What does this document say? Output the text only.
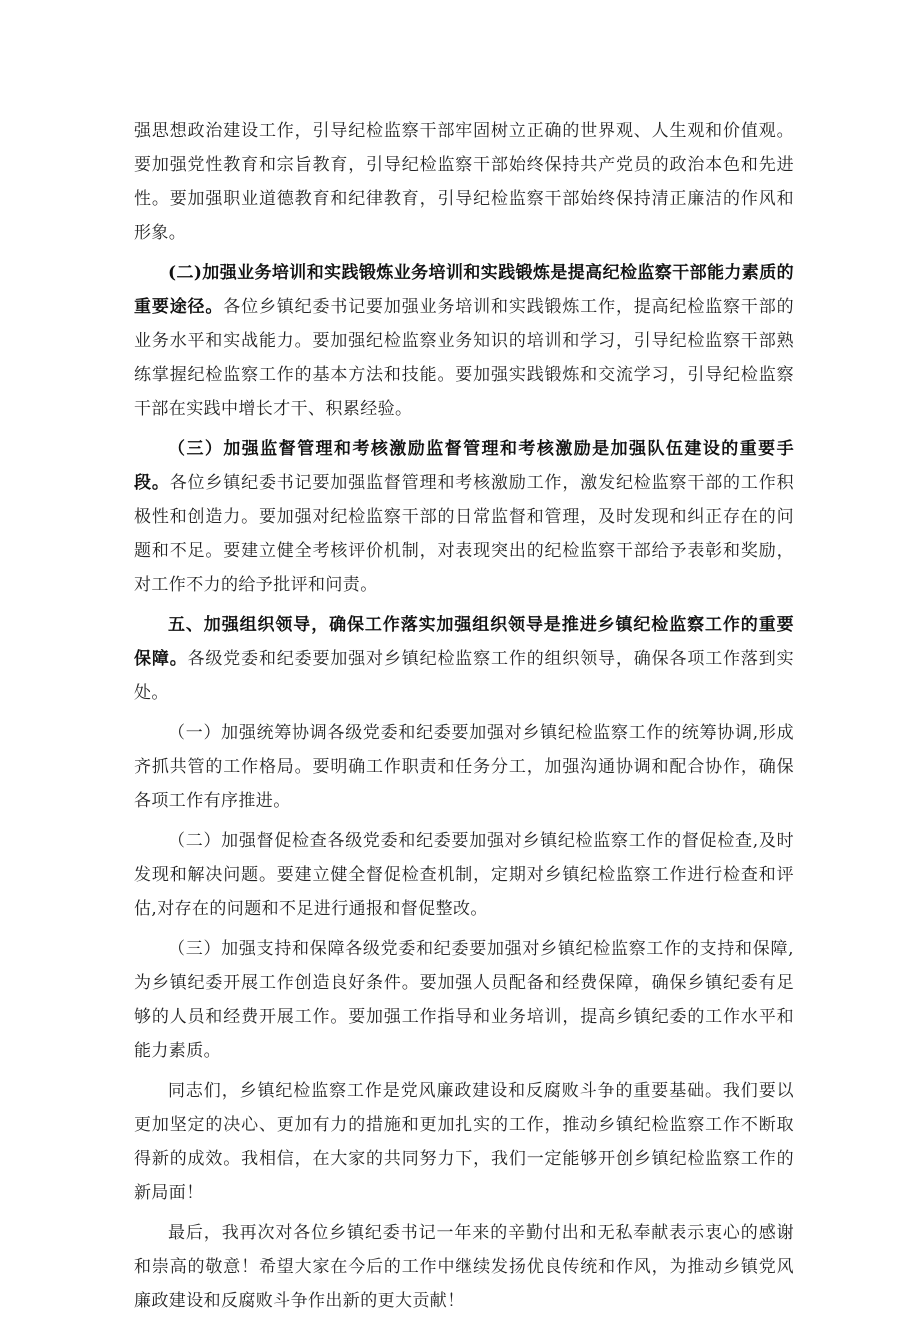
强思想政治建设工作，引导纪检监察干部牢固树立正确的世界观、人生观和价值观。要加强党性教育和宗旨教育，引导纪检监察干部始终保持共产党员的政治本色和先进性。要加强职业道德教育和纪律教育，引导纪检监察干部始终保持清正廉洁的作风和形象。

(二)加强业务培训和实践锻炼业务培训和实践锻炼是提高纪检监察干部能力素质的重要途径。各位乡镇纪委书记要加强业务培训和实践锻炼工作，提高纪检监察干部的业务水平和实战能力。要加强纪检监察业务知识的培训和学习，引导纪检监察干部熟练掌握纪检监察工作的基本方法和技能。要加强实践锻炼和交流学习，引导纪检监察干部在实践中增长才干、积累经验。

（三）加强监督管理和考核激励监督管理和考核激励是加强队伍建设的重要手段。各位乡镇纪委书记要加强监督管理和考核激励工作，激发纪检监察干部的工作积极性和创造力。要加强对纪检监察干部的日常监督和管理，及时发现和纠正存在的问题和不足。要建立健全考核评价机制，对表现突出的纪检监察干部给予表彰和奖励，对工作不力的给予批评和问责。

五、加强组织领导，确保工作落实加强组织领导是推进乡镇纪检监察工作的重要保障。各级党委和纪委要加强对乡镇纪检监察工作的组织领导，确保各项工作落到实处。

（一）加强统筹协调各级党委和纪委要加强对乡镇纪检监察工作的统筹协调,形成齐抓共管的工作格局。要明确工作职责和任务分工，加强沟通协调和配合协作，确保各项工作有序推进。

（二）加强督促检查各级党委和纪委要加强对乡镇纪检监察工作的督促检查,及时发现和解决问题。要建立健全督促检查机制，定期对乡镇纪检监察工作进行检查和评估,对存在的问题和不足进行通报和督促整改。

（三）加强支持和保障各级党委和纪委要加强对乡镇纪检监察工作的支持和保障,为乡镇纪委开展工作创造良好条件。要加强人员配备和经费保障，确保乡镇纪委有足够的人员和经费开展工作。要加强工作指导和业务培训，提高乡镇纪委的工作水平和能力素质。

同志们，乡镇纪检监察工作是党风廉政建设和反腐败斗争的重要基础。我们要以更加坚定的决心、更加有力的措施和更加扎实的工作，推动乡镇纪检监察工作不断取得新的成效。我相信，在大家的共同努力下，我们一定能够开创乡镇纪检监察工作的新局面！

最后，我再次对各位乡镇纪委书记一年来的辛勤付出和无私奉献表示衷心的感谢和崇高的敬意！希望大家在今后的工作中继续发扬优良传统和作风，为推动乡镇党风廉政建设和反腐败斗争作出新的更大贡献！
